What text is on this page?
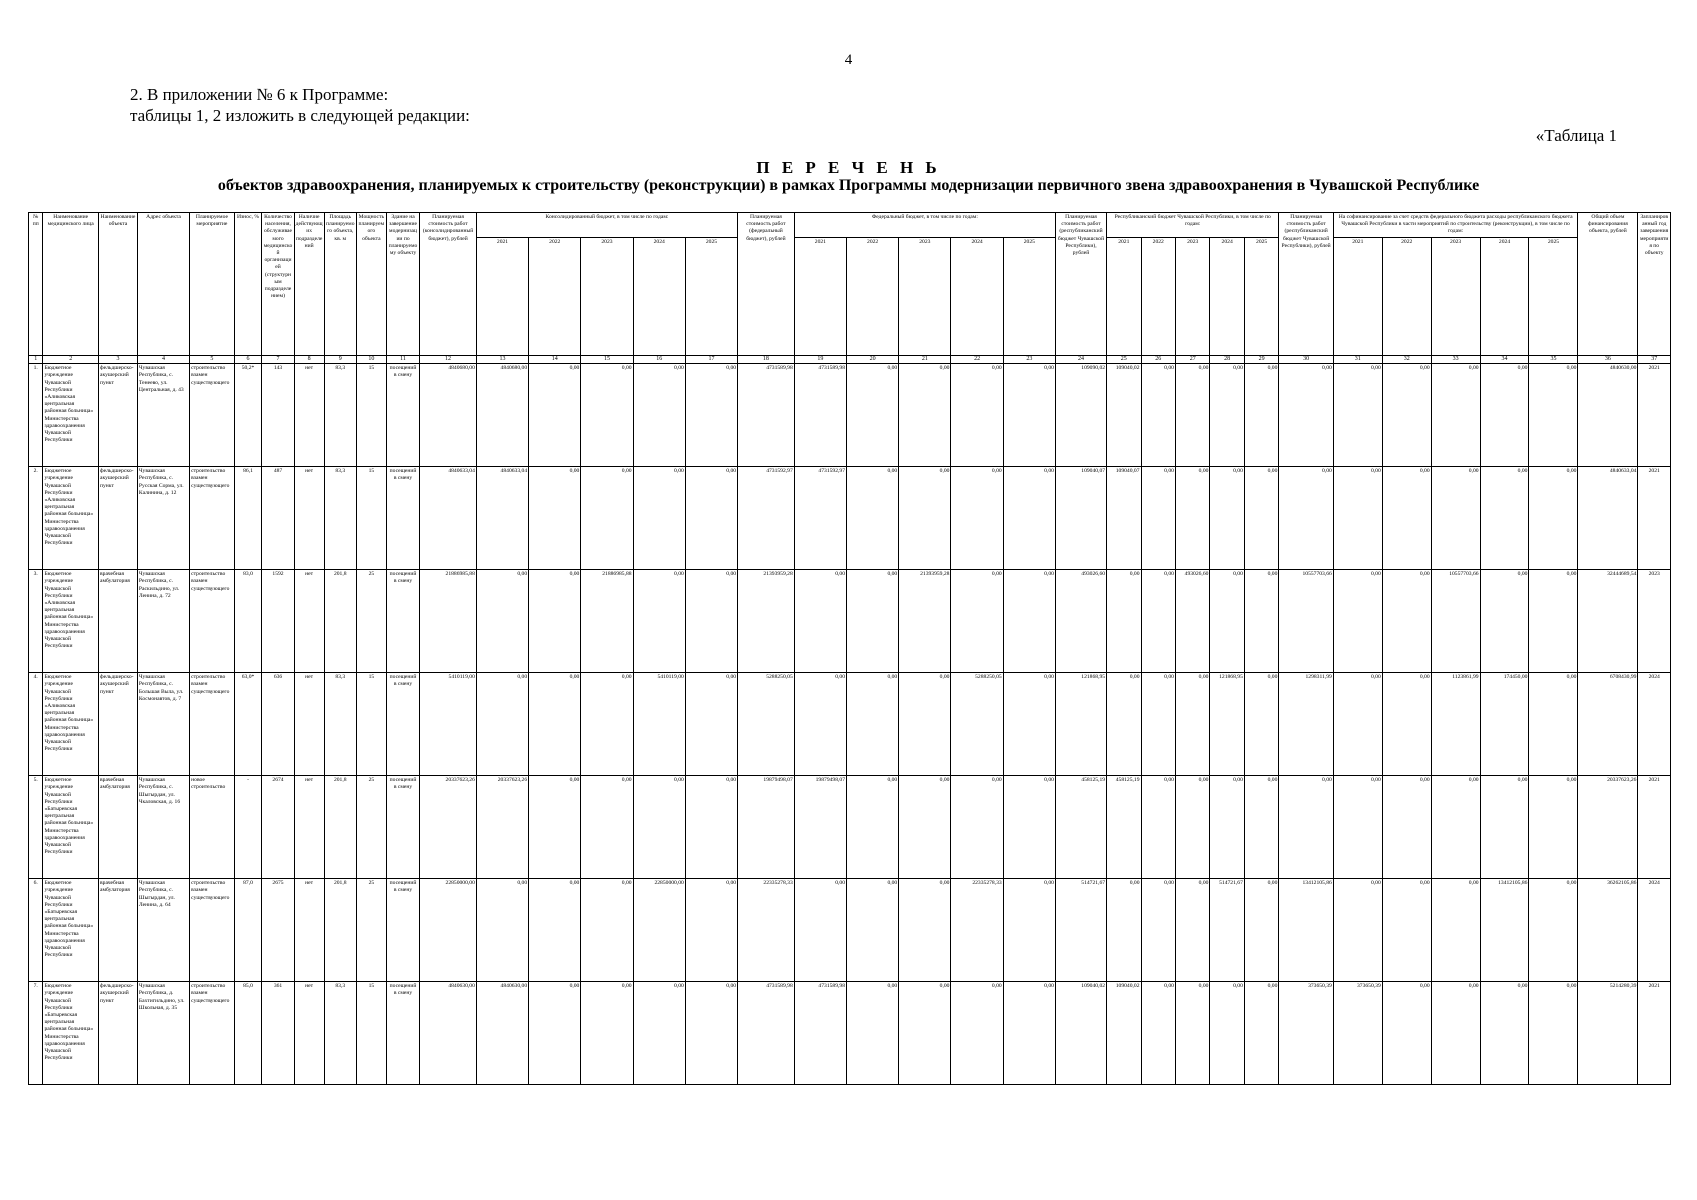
4
2. В приложении № 6 к Программе:
таблицы 1, 2 изложить в следующей редакции:
«Таблица 1
П Е Р Е Ч Е Н Ь
объектов здравоохранения, планируемых к строительству (реконструкции) в рамках Программы модернизации первичного звена здравоохранения в Чувашской Республике
№ пп	Наименование медицинского лица	Наименование объекта	Адрес объекта	Планируемое мероприятие	Износ, %	Количество населения, обслуживаемого медицинской организацией (структурным подразделением)	Наличие действующих подразделений	Площадь планируемого объекта, кв. м	Мощность планируемого объекта	Здание на завершение модернизации по планируемому объекту	Планируемая стоимость работ (консолидированный бюджет), рублей	Консолидированный бюджет, в том числе по годам:					Планируемая стоимость работ (федеральный бюджет), рублей	Федеральный бюджет, в том числе по годам:					Планируемая стоимость работ (республиканский бюджет Чувашской Республики), рублей	Республиканский бюджет Чувашской Республики, в том числе по годам:					Планируемая стоимость работ (республиканский бюджет Чувашской Республики), рублей	На софинансирование за счет средств федерального бюджета расходы республиканского бюджета Чувашской Республики в части мероприятий по строительству (реконструкции), в том числе по годам:					Общий объем финансирования объекта, рублей	Запланированный год завершения мероприятия по объекту
												2021	2022	2023	2024	2025		2021	2022	2023	2024	2025		2021	2022	2023	2024	2025		2021	2022	2023	2024	2025		
1	2	3	4	5	6	7	8	9	10	11	12	13	14	15	16	17	18	19	20	21	22	23	24	25	26	27	28	29	30	31	32	33	34	35	36	37
1.	Бюджетное учреждение Чувашской Республики «Аликовская центральная районная больница» Министерства здравоохранения Чувашской Республики	фельдшерско-акушерский пункт	Чувашская Республика, с. Тенеево, ул. Центральная, д. 43	строительство взамен существующего	50,2*	143	нет	83,3	15	посещений в смену	4840680,00	4840680,00	0,00	0,00	0,00	0,00	4731589,98	4731589,98	0,00	0,00	0,00	0,00	109090,02	109040,02	0,00	0,00	0,00	0,00	0,00	0,00	0,00	0,00	0,00	0,00	4840630,00	2021
2.	Бюджетное учреждение Чувашской Республики «Аликовская центральная районная больница» Министерства здравоохранения Чувашской Республики	фельдшерско-акушерский пункт	Чувашская Республика, с. Русская Сорма, ул. Калинина, д. 12	строительство взамен существующего	86,1	487	нет	83,3	15	посещений в смену	4840633,04	4840633,04	0,00	0,00	0,00	0,00	4731592,97	4731592,97	0,00	0,00	0,00	0,00	109040,07	109040,07	0,00	0,00	0,00	0,00	0,00	0,00	0,00	0,00	0,00	0,00	4840633,04	2021
3.	Бюджетное учреждение Чувашской Республики «Аликовская центральная районная больница» Министерства здравоохранения Чувашской Республики	врачебная амбулатория	Чувашская Республика, с. Раскильдино, ул. Ленина, д. 72	строительство взамен существующего	83,0	1592	нет	201,8	25	посещений в смену	21886985,88	0,00	0,00	21886985,88	0,00	0,00	21393959,28	0,00	0,00	21393959,28	0,00	0,00	493026,60	0,00	0,00	493026,60	0,00	0,00	10557703,66	0,00	0,00	10557703,66	0,00	0,00	32444689,54	2023
4.	Бюджетное учреждение Чувашской Республики «Аликовская центральная районная больница» Министерства здравоохранения Чувашской Республики	фельдшерско-акушерский пункт	Чувашская Республика, с. Большая Выла, ул. Космонавтов, д. 7	строительство взамен существующего	63,0*	636	нет	83,3	15	посещений в смену	5410119,00	0,00	0,00	0,00	5410119,00	0,00	5288250,05	0,00	0,00	0,00	5288250,05	0,00	121868,95	0,00	0,00	0,00	121868,95	0,00	1298311,99	0,00	0,00	1123861,99	174450,00	0,00	6708430,99	2024
5.	Бюджетное учреждение Чувашской Республики «Батыревская центральная районная больница» Министерства здравоохранения Чувашской Республики	врачебная амбулатория	Чувашская Республика, с. Шыгырдан, ул. Чкаловская, д. 16	новое строительство	-	2674	нет	201,8	25	посещений в смену	20337623,26	20337623,26	0,00	0,00	0,00	0,00	19879498,07	19879498,07	0,00	0,00	0,00	0,00	458125,19	458125,19	0,00	0,00	0,00	0,00	0,00	0,00	0,00	0,00	0,00	0,00	20337623,26	2021
6.	Бюджетное учреждение Чувашской Республики «Батыревская центральная районная больница» Министерства здравоохранения Чувашской Республики	врачебная амбулатория	Чувашская Республика, с. Шыгырдан, ул. Ленина, д. 64	строительство взамен существующего	87,0	2675	нет	201,8	25	посещений в смену	22850000,00	0,00	0,00	0,00	22850000,00	0,00	22335278,33	0,00	0,00	0,00	22335278,33	0,00	514721,67	0,00	0,00	0,00	514721,67	0,00	13412105,86	0,00	0,00	0,00	13412105,86	0,00	36262105,86	2024
7.	Бюджетное учреждение Чувашской Республики «Батыревская центральная районная больница» Министерства здравоохранения Чувашской Республики	фельдшерско-акушерский пункт	Чувашская Республика, д. Бахтигильдино, ул. Школьная, д. 35	строительство взамен существующего	85,0	361	нет	83,3	15	посещений в смену	4840630,00	4840630,00	0,00	0,00	0,00	0,00	4731589,98	4731589,98	0,00	0,00	0,00	0,00	109040,02	109040,02	0,00	0,00	0,00	0,00	373650,39	373650,39	0,00	0,00	0,00	0,00	5214280,39	2021
